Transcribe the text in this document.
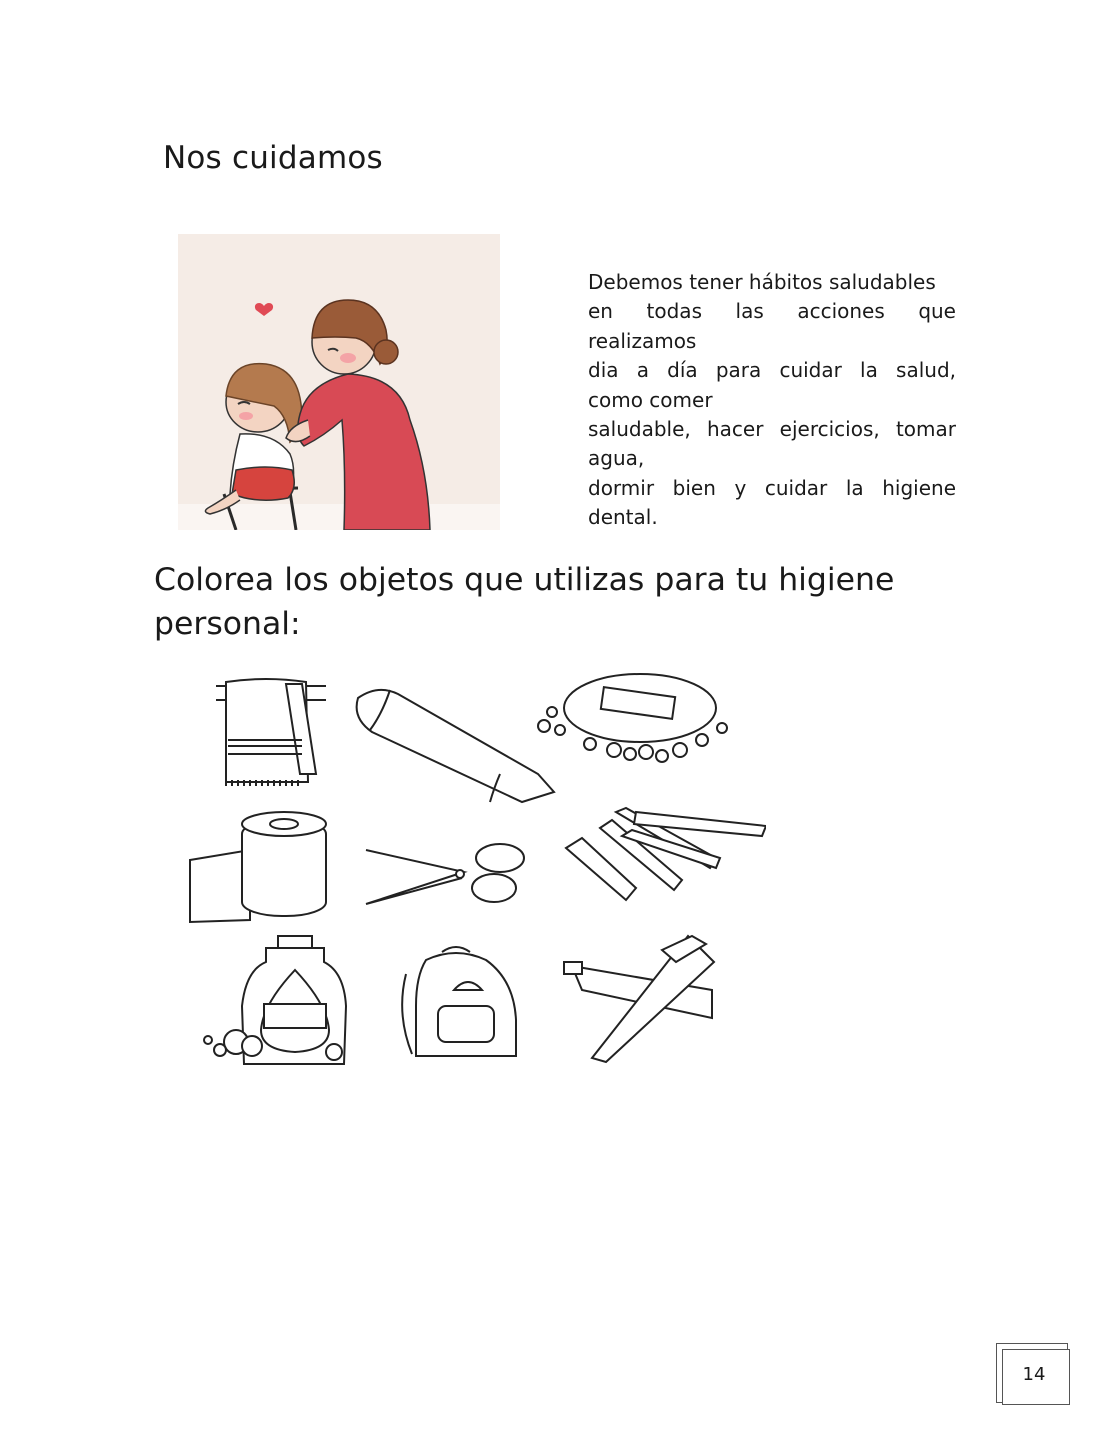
Nos cuidamos

Debemos tener hábitos saludables
en todas las acciones que
realizamos
dia a día para cuidar la salud,
como comer
saludable, hacer ejercicios, tomar
agua,
dormir bien y cuidar la higiene
dental.

Colorea los objetos que utilizas para tu higiene
personal:
14
